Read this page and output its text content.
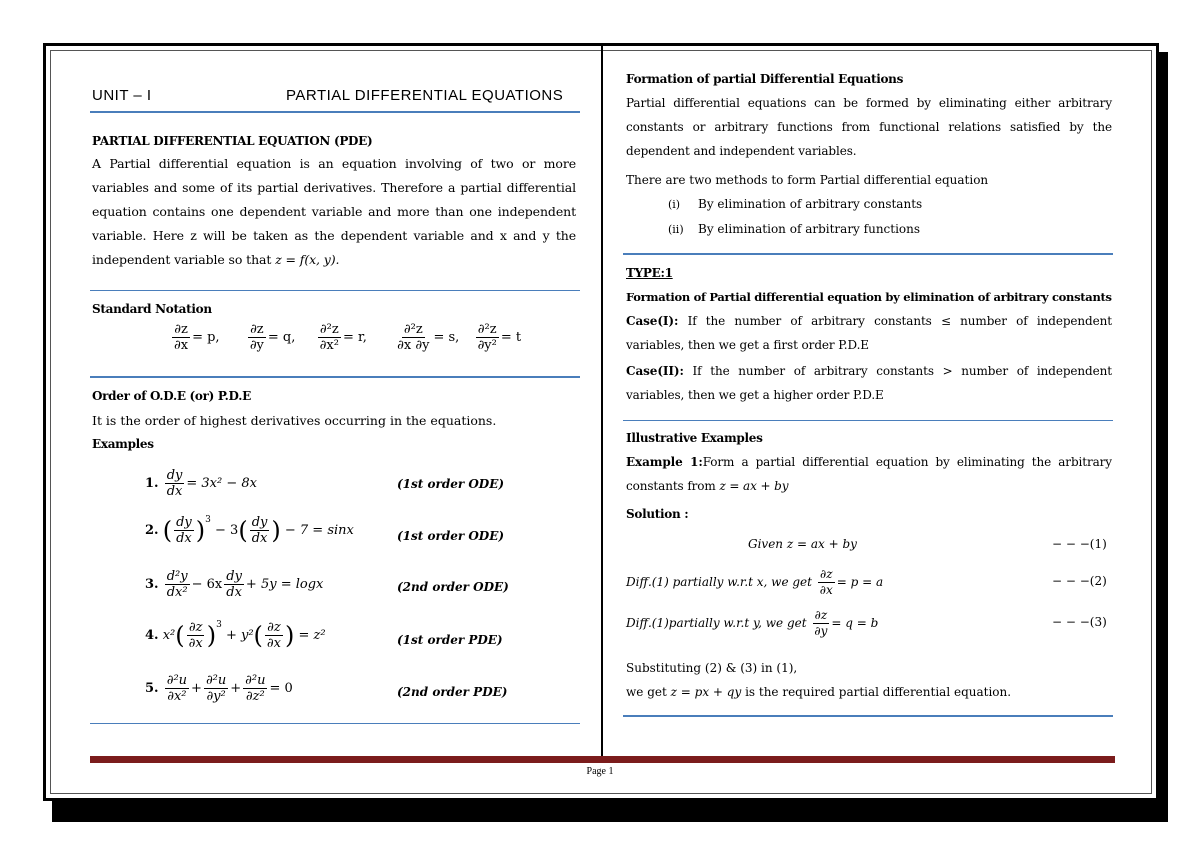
UNIT – I	PARTIAL DIFFERENTIAL EQUATIONS
PARTIAL DIFFERENTIAL EQUATION (PDE)
A Partial differential equation is an equation involving of two or more variables and some of its partial derivatives. Therefore a partial differential equation contains one dependent variable and more than one independent variable. Here z will be taken as the dependent variable and x and y the independent variable so that z = f(x, y).
Standard Notation
$\frac{\partial z}{\partial x} = p$, $\frac{\partial z}{\partial y} = q$, $\frac{\text{∂²z}}{\text{∂x²}} = r$, $\frac{\text{∂²z}}{\partial x \partial y} = s$, $\frac{\text{∂²z}}{\text{∂y²}} = t$
Order of O.D.E (or) P.D.E
It is the order of highest derivatives occurring in the equations.
Examples
1. $\frac{dy}{dx} = 3x^2 - 8x$	(1st order ODE)
2. ( $\frac{dy}{dx} )^3 - 3( \frac{dy}{dx}$ ) − 7 = sinx	(1st order ODE)
3. $\frac{\text{d²y}}{\text{dx²}} - 6x \frac{dy}{dx} + 5y = \log x$	(2nd order ODE)
4. $x^2( \frac{\partial z}{\partial x} )^3 + y^2( \frac{\partial z}{\partial x}$ ) = z²	(1st order PDE)
5. $\frac{\text{∂²u}}{\text{∂x²}} + \frac{\text{∂²u}}{\text{∂y²}} + \frac{\text{∂²u}}{\text{∂z²}} = 0$	(2nd order PDE)
Formation of partial Differential Equations
Partial differential equations can be formed by eliminating either arbitrary constants or arbitrary functions from functional relations satisfied by the dependent and independent variables.
There are two methods to form Partial differential equation
(i) By elimination of arbitrary constants
(ii) By elimination of arbitrary functions
TYPE:1
Formation of Partial differential equation by elimination of arbitrary constants
Case(I): If the number of arbitrary constants ≤ number of independent variables, then we get a first order P.D.E
Case(II): If the number of arbitrary constants > number of independent variables, then we get a higher order P.D.E
Illustrative Examples
Example 1:Form a partial differential equation by eliminating the arbitrary constants from z = ax + by
Solution :
Given z = ax + by	− − −(1)
Diff.(1) partially w.r.t x, we get $\frac{\partial z}{\partial x} = p = a$	− − −(2)
Diff.(1)partially w.r.t y, we get $\frac{\partial z}{\partial y} = q = b$	− − −(3)
Substituting (2) & (3) in (1),
we get z = px + qy is the required partial differential equation.
Page 1
